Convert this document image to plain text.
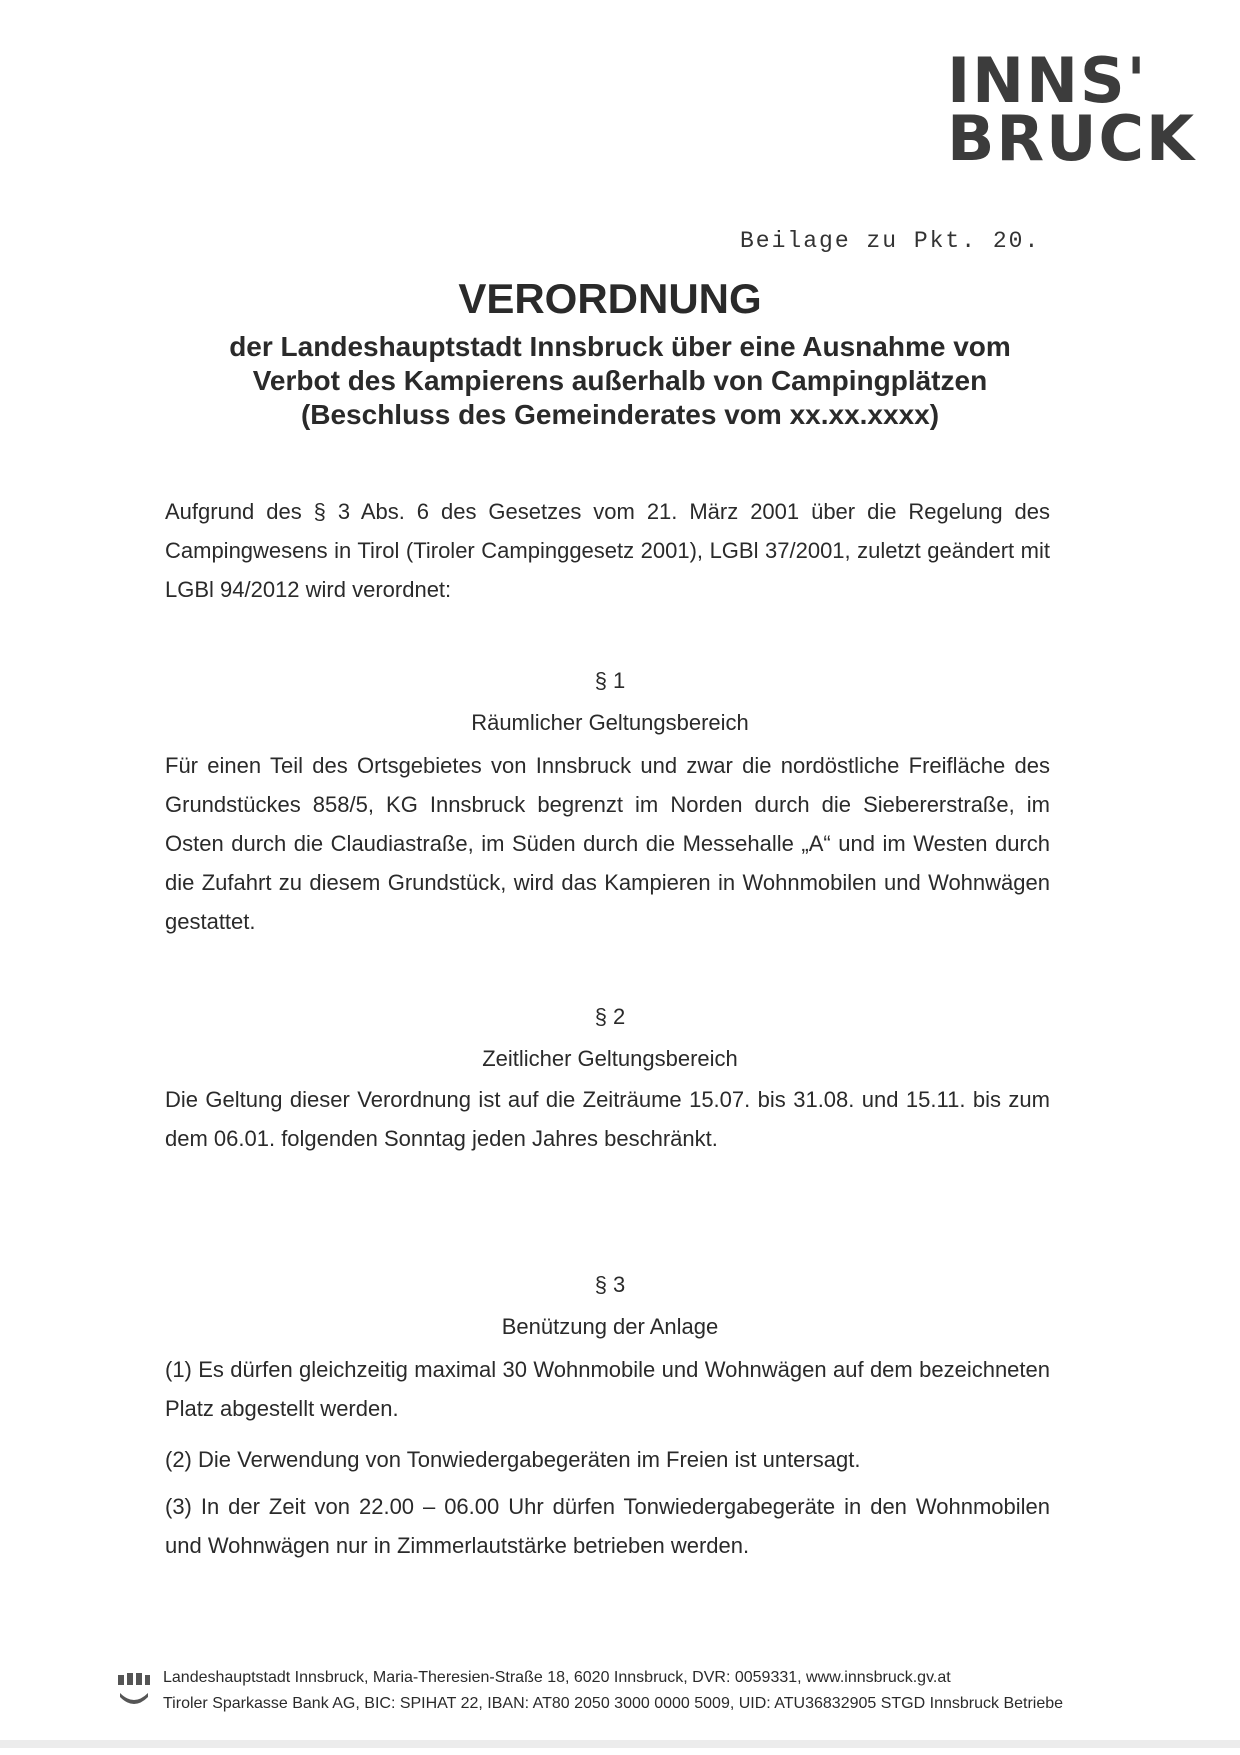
INNS'
BRUCK
Beilage zu Pkt. 20.
VERORDNUNG
der Landeshauptstadt Innsbruck über eine Ausnahme vom
Verbot des Kampierens außerhalb von Campingplätzen
(Beschluss des Gemeinderates vom xx.xx.xxxx)

Aufgrund des § 3 Abs. 6 des Gesetzes vom 21. März 2001 über die Regelung des Campingwesens in Tirol (Tiroler Campinggesetz 2001), LGBl 37/2001, zuletzt geändert mit LGBl 94/2012 wird verordnet:

§ 1
Räumlicher Geltungsbereich

Für einen Teil des Ortsgebietes von Innsbruck und zwar die nordöstliche Freifläche des Grundstückes 858/5, KG Innsbruck begrenzt im Norden durch die Siebererstraße, im Osten durch die Claudiastraße, im Süden durch die Messehalle „A“ und im Westen durch die Zufahrt zu diesem Grundstück, wird das Kampieren in Wohnmobilen und Wohnwägen gestattet.

§ 2
Zeitlicher Geltungsbereich

Die Geltung dieser Verordnung ist auf die Zeiträume 15.07. bis 31.08. und 15.11. bis zum dem 06.01. folgenden Sonntag jeden Jahres beschränkt.

§ 3
Benützung der Anlage

(1) Es dürfen gleichzeitig maximal 30 Wohnmobile und Wohnwägen auf dem bezeichneten Platz abgestellt werden.

(2) Die Verwendung von Tonwiedergabegeräten im Freien ist untersagt.

(3) In der Zeit von 22.00 – 06.00 Uhr dürfen Tonwiedergabegeräte in den Wohnmobilen und Wohnwägen nur in Zimmerlautstärke betrieben werden.

Landeshauptstadt Innsbruck, Maria-Theresien-Straße 18, 6020 Innsbruck, DVR: 0059331, www.innsbruck.gv.at
Tiroler Sparkasse Bank AG, BIC: SPIHAT 22, IBAN: AT80 2050 3000 0000 5009, UID: ATU36832905 STGD Innsbruck Betriebe
